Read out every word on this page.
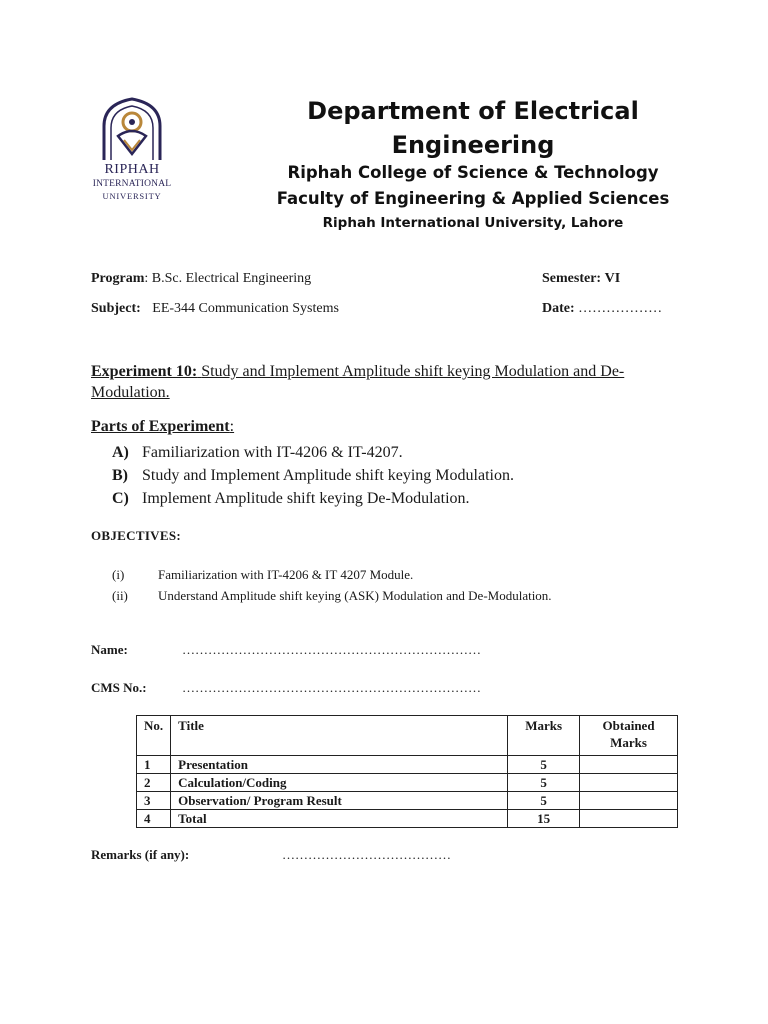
RIPHAH
INTERNATIONAL
UNIVERSITY
Department of Electrical Engineering
Riphah College of Science & Technology
Faculty of Engineering & Applied Sciences
Riphah International University, Lahore
Program: B.Sc. Electrical Engineering	Semester: VI
Subject: EE-344 Communication Systems	Date: ………………
Experiment 10: Study and Implement Amplitude shift keying Modulation and De-Modulation.
Parts of Experiment:
A) Familiarization with IT-4206 & IT-4207.
B) Study and Implement Amplitude shift keying Modulation.
C) Implement Amplitude shift keying De-Modulation.
OBJECTIVES:
(i)	Familiarization with IT-4206 & IT 4207 Module.
(ii) Understand Amplitude shift keying (ASK) Modulation and De-Modulation.
Name:	……………………………………………………………
CMS No.:	……………………………………………………………
No.	Title	Marks	Obtained Marks
1	Presentation	5	
2	Calculation/Coding	5	
3	Observation/ Program Result	5	
4	Total	15	
Remarks (if any):	…………………………………
